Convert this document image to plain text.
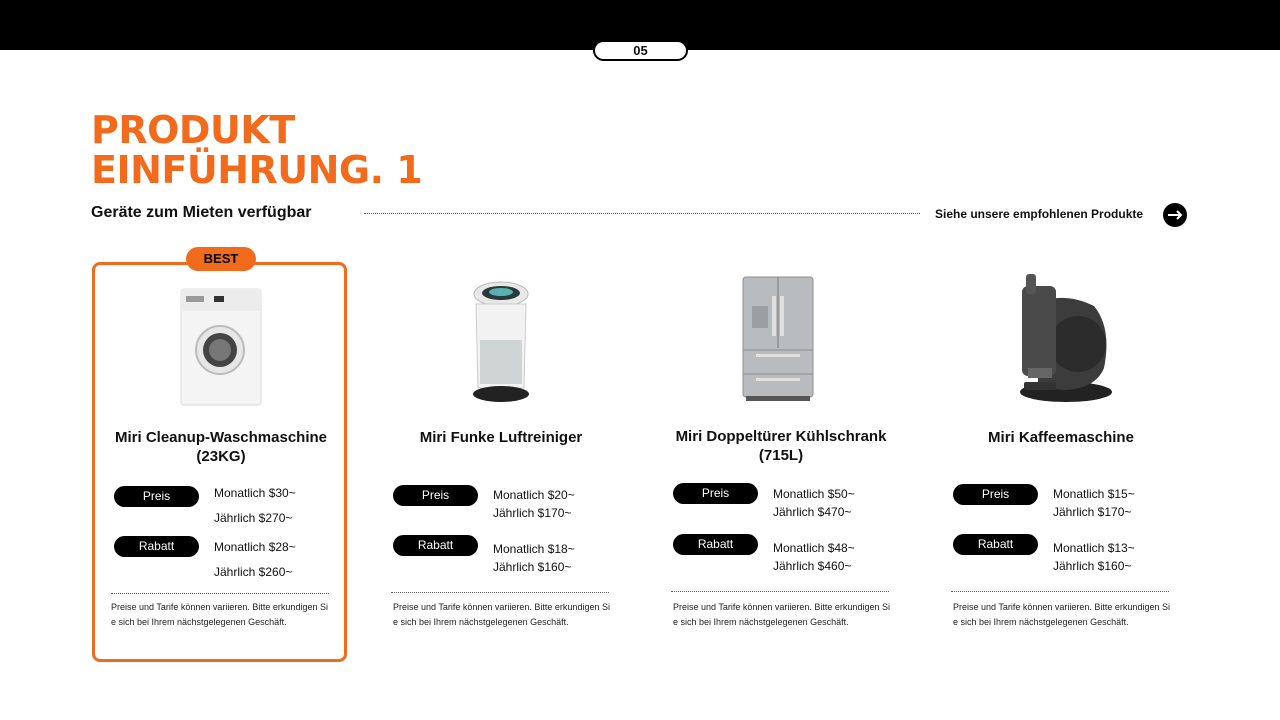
05
PRODUKT
EINFÜHRUNG. 1
Geräte zum Mieten verfügbar	Siehe unsere empfohlenen Produkte
BEST
Miri Cleanup-Waschmaschine (23KG)
Preis	Monatlich $30~
Jährlich $270~
Rabatt	Monatlich $28~
Jährlich $260~
Preise und Tarife können variieren. Bitte erkundigen Sie sich bei Ihrem nächstgelegenen Geschäft.
Miri Funke Luftreiniger
Preis	Monatlich $20~
Jährlich $170~
Rabatt	Monatlich $18~
Jährlich $160~
Preise und Tarife können variieren. Bitte erkundigen Sie sich bei Ihrem nächstgelegenen Geschäft.
Miri Doppeltürer Kühlschrank (715L)
Preis	Monatlich $50~
Jährlich $470~
Rabatt	Monatlich $48~
Jährlich $460~
Preise und Tarife können variieren. Bitte erkundigen Sie sich bei Ihrem nächstgelegenen Geschäft.
Miri Kaffeemaschine
Preis	Monatlich $15~
Jährlich $170~
Rabatt	Monatlich $13~
Jährlich $160~
Preise und Tarife können variieren. Bitte erkundigen Sie sich bei Ihrem nächstgelegenen Geschäft.
